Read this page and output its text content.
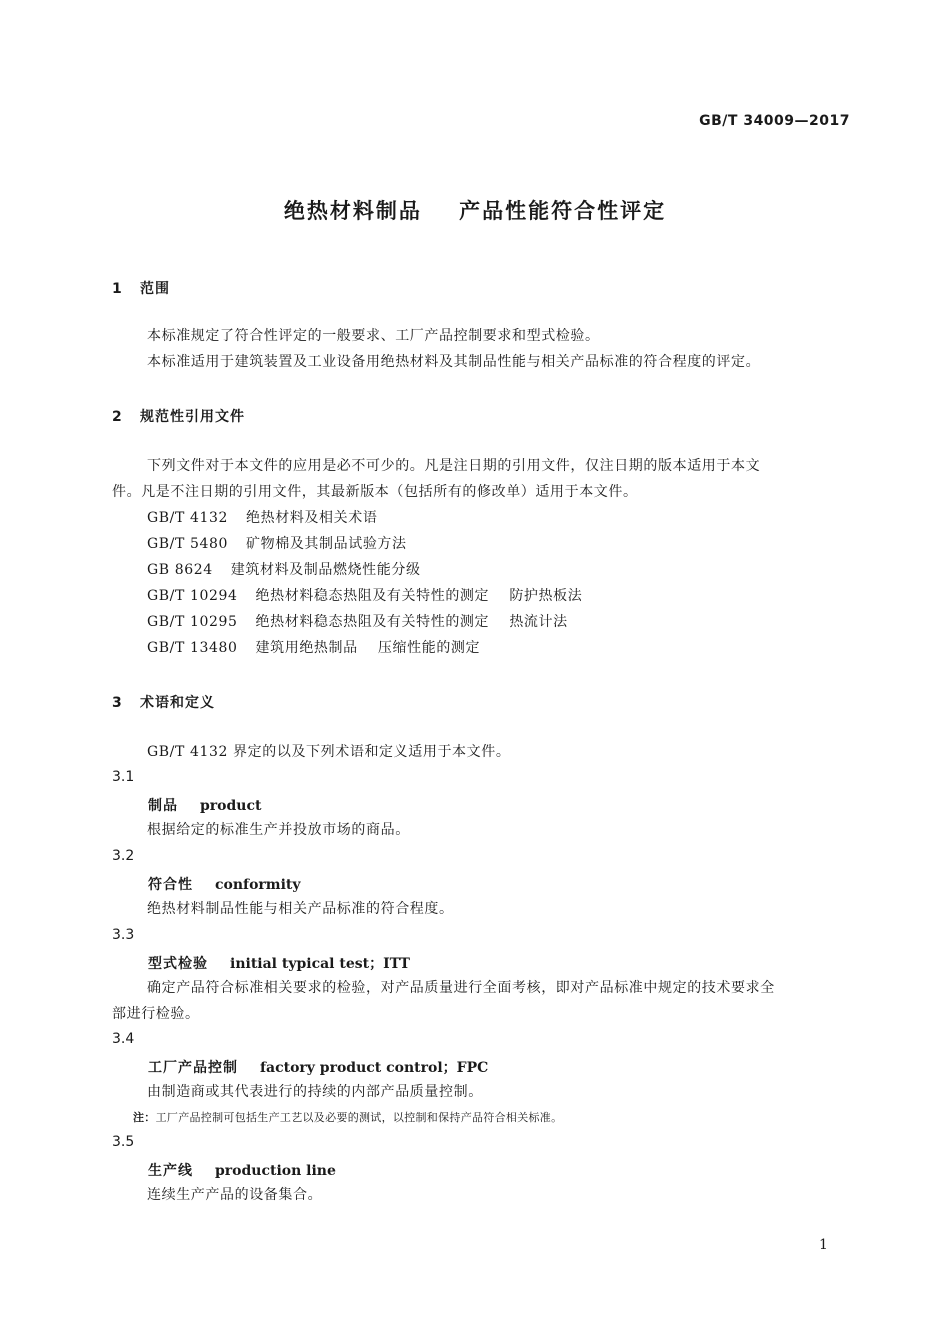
GB/T 34009—2017
绝热材料制品    产品性能符合性评定
1 范围
本标准规定了符合性评定的一般要求、工厂产品控制要求和型式检验。
本标准适用于建筑装置及工业设备用绝热材料及其制品性能与相关产品标准的符合程度的评定。
2 规范性引用文件
下列文件对于本文件的应用是必不可少的。凡是注日期的引用文件，仅注日期的版本适用于本文
件。凡是不注日期的引用文件，其最新版本（包括所有的修改单）适用于本文件。
GB/T 4132 绝热材料及相关术语
GB/T 5480 矿物棉及其制品试验方法
GB 8624 建筑材料及制品燃烧性能分级
GB/T 10294 绝热材料稳态热阻及有关特性的测定    防护热板法
GB/T 10295 绝热材料稳态热阻及有关特性的测定    热流计法
GB/T 13480 建筑用绝热制品    压缩性能的测定
3 术语和定义
GB/T 4132 界定的以及下列术语和定义适用于本文件。
3.1
制品 product
根据给定的标准生产并投放市场的商品。
3.2
符合性 conformity
绝热材料制品性能与相关产品标准的符合程度。
3.3
型式检验 initial typical test；ITT
确定产品符合标准相关要求的检验，对产品质量进行全面考核，即对产品标准中规定的技术要求全
部进行检验。
3.4
工厂产品控制 factory product control；FPC
由制造商或其代表进行的持续的内部产品质量控制。
注：工厂产品控制可包括生产工艺以及必要的测试，以控制和保持产品符合相关标准。
3.5
生产线 production line
连续生产产品的设备集合。
1
